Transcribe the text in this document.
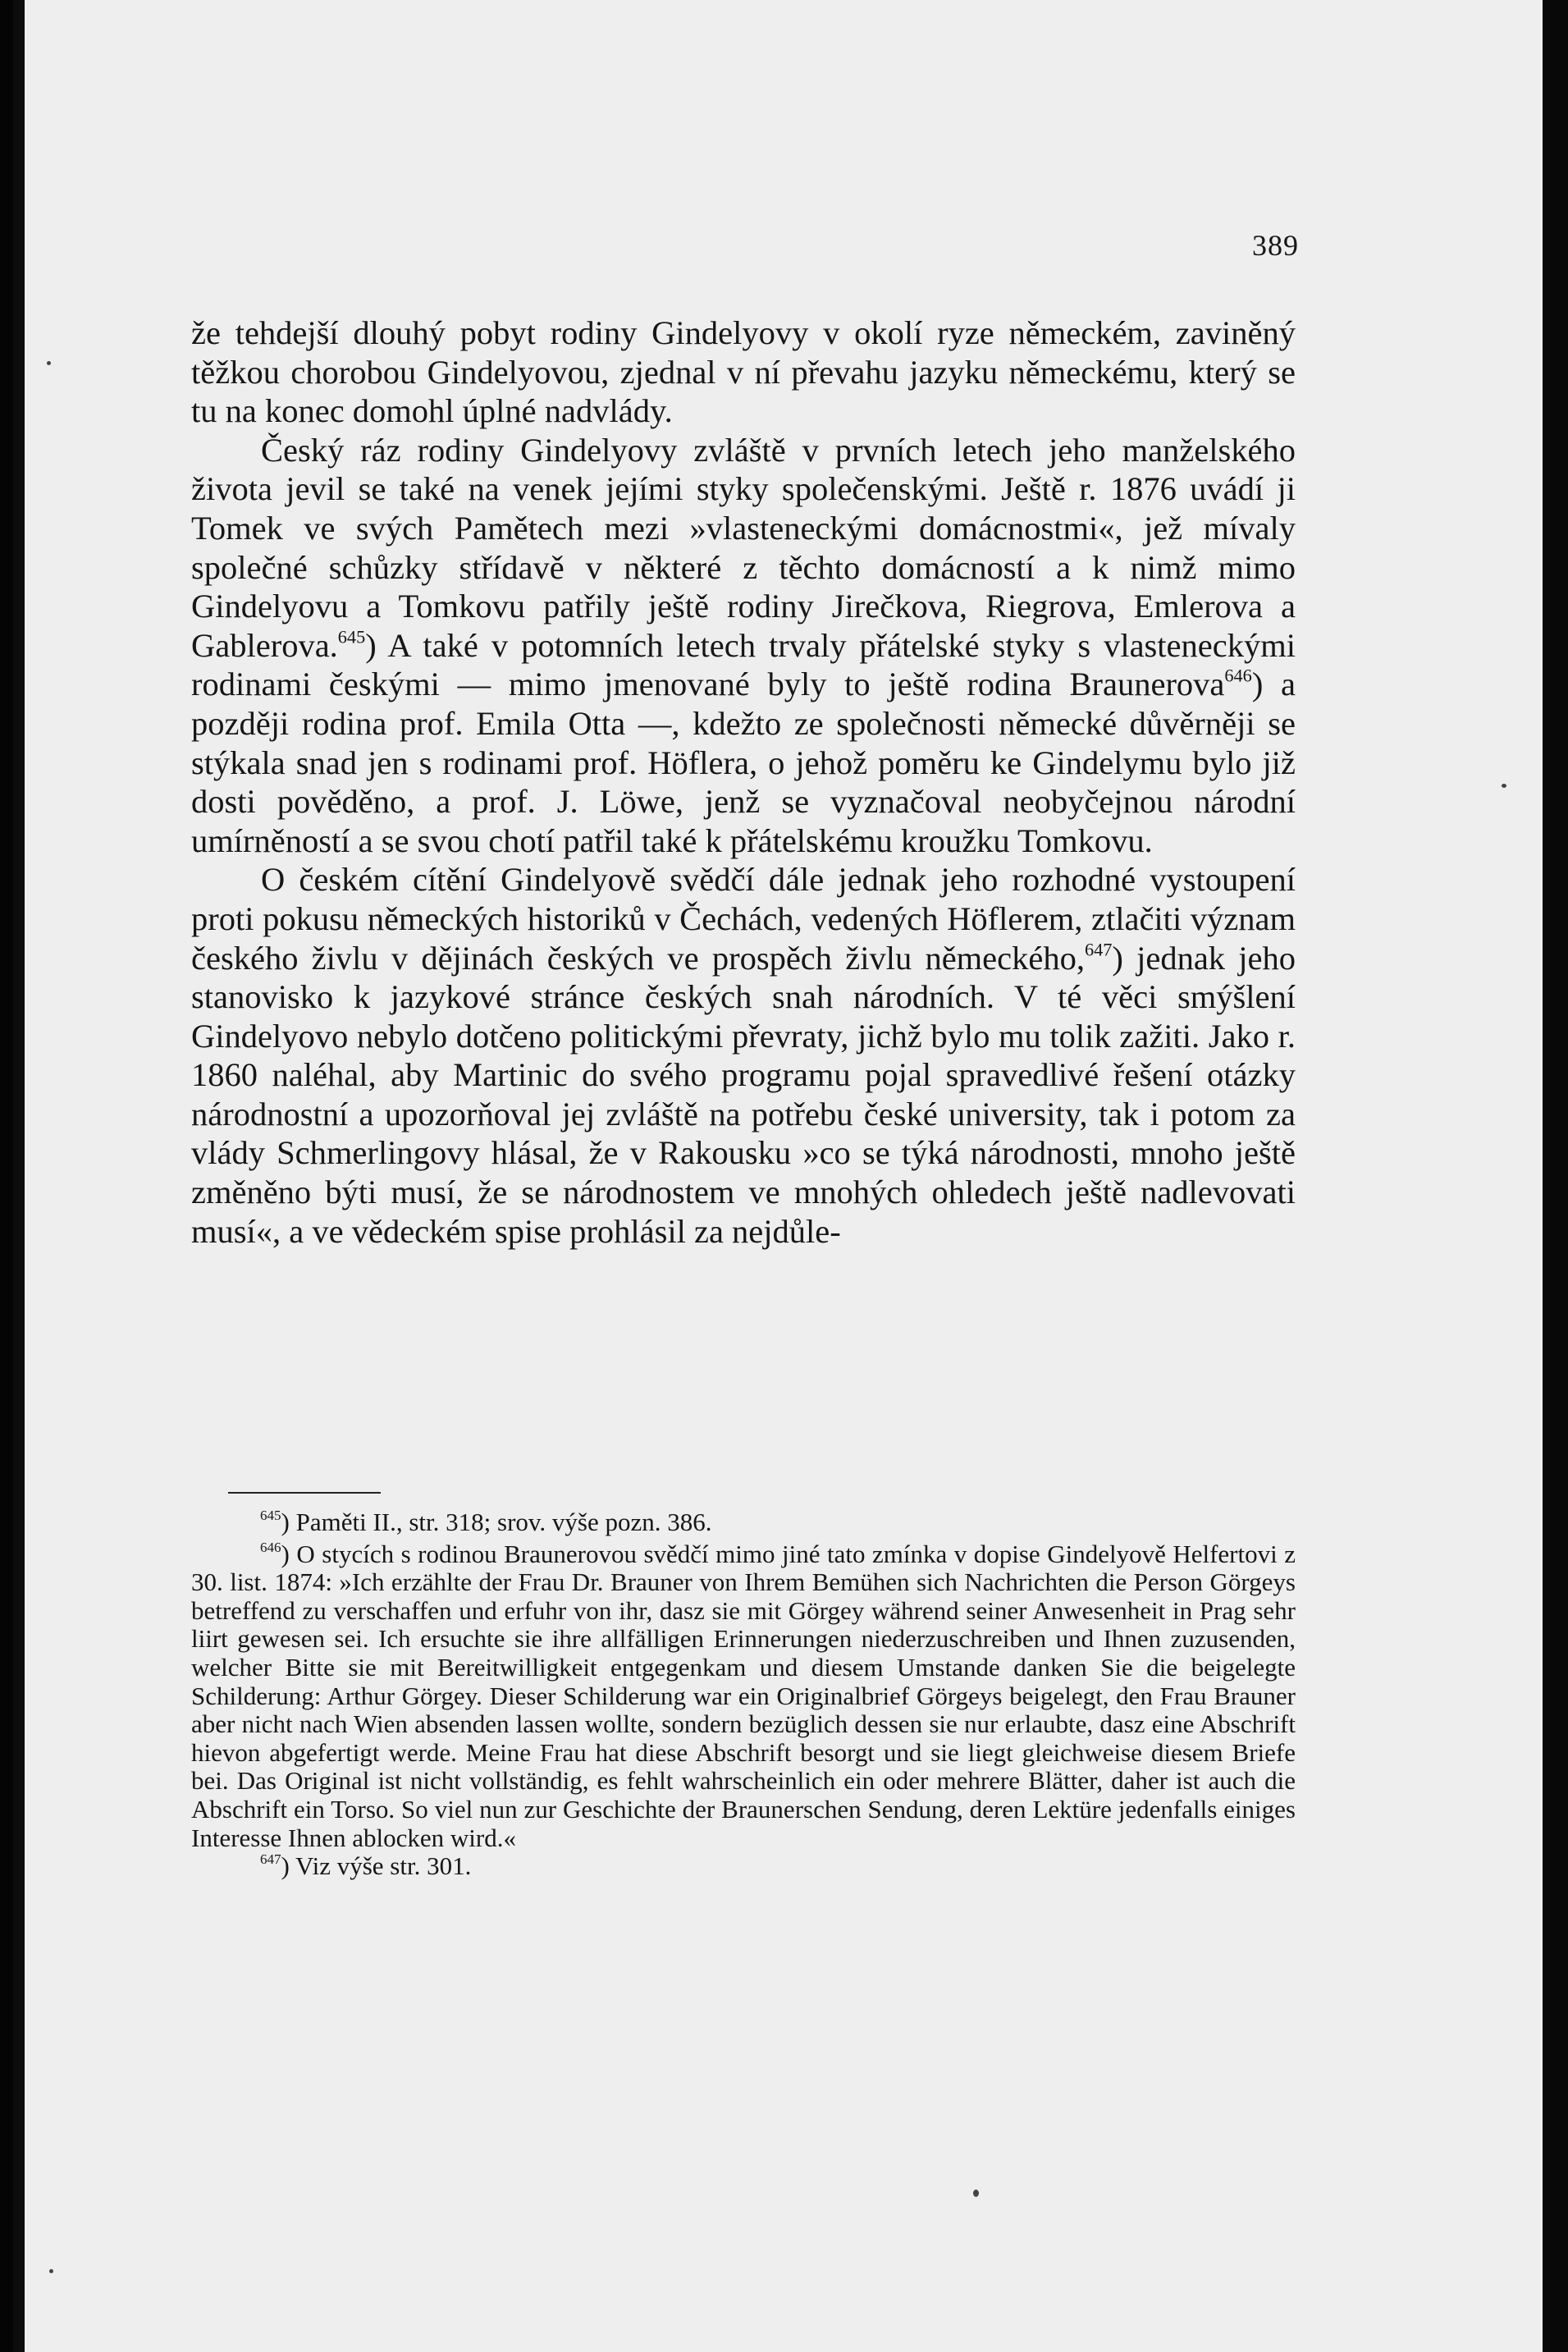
389

že tehdejší dlouhý pobyt rodiny Gindelyovy v okolí ryze německém, zaviněný těžkou chorobou Gindelyovou, zjednal v ní převahu jazyku německému, který se tu na konec domohl úplné nadvlády.

Český ráz rodiny Gindelyovy zvláště v prvních letech jeho manželského života jevil se také na venek jejími styky společenskými. Ještě r. 1876 uvádí ji Tomek ve svých Pamětech mezi »vlasteneckými domácnostmi«, jež mívaly společné schůzky střídavě v některé z těchto domácností a k nimž mimo Gindelyovu a Tomkovu patřily ještě rodiny Jirečkova, Riegrova, Emlerova a Gablerova.$^{645}$) A také v potomních letech trvaly přátelské styky s vlasteneckými rodinami českými — mimo jmenované byly to ještě rodina Braunerova$^{646}$) a později rodina prof. Emila Otta —, kdežto ze společnosti německé důvěrněji se stýkala snad jen s rodinami prof. Höflera, o jehož poměru ke Gindelymu bylo již dosti pověděno, a prof. J. Löwe, jenž se vyznačoval neobyčejnou národní umírněností a se svou chotí patřil také k přátelskému kroužku Tomkovu.

O českém cítění Gindelyově svědčí dále jednak jeho rozhodné vystoupení proti pokusu německých historiků v Čechách, vedených Höflerem, ztlačiti význam českého živlu v dějinách českých ve prospěch živlu německého,$^{647}$) jednak jeho stanovisko k jazykové stránce českých snah národních. V té věci smýšlení Gindelyovo nebylo dotčeno politickými převraty, jichž bylo mu tolik zažiti. Jako r. 1860 naléhal, aby Martinic do svého programu pojal spravedlivé řešení otázky národnostní a upozorňoval jej zvláště na potřebu české university, tak i potom za vlády Schmerlingovy hlásal, že v Rakousku »co se týká národnosti, mnoho ještě změněno býti musí, že se národnostem ve mnohých ohledech ještě nadlevovati musí«, a ve vědeckém spise prohlásil za nejdůle-

$^{645}$) Paměti II., str. 318; srov. výše pozn. 386.

$^{646}$) O stycích s rodinou Braunerovou svědčí mimo jiné tato zmínka v dopise Gindelyově Helfertovi z 30. list. 1874: »Ich erzählte der Frau Dr. Brauner von Ihrem Bemühen sich Nachrichten die Person Görgeys betreffend zu verschaffen und erfuhr von ihr, dasz sie mit Görgey während seiner Anwesenheit in Prag sehr liirt gewesen sei. Ich ersuchte sie ihre allfälligen Erinnerungen niederzuschreiben und Ihnen zuzusenden, welcher Bitte sie mit Bereitwilligkeit entgegenkam und diesem Umstande danken Sie die beigelegte Schilderung: Arthur Görgey. Dieser Schilderung war ein Originalbrief Görgeys beigelegt, den Frau Brauner aber nicht nach Wien absenden lassen wollte, sondern bezüglich dessen sie nur erlaubte, dasz eine Abschrift hievon abgefertigt werde. Meine Frau hat diese Abschrift besorgt und sie liegt gleichweise diesem Briefe bei. Das Original ist nicht vollständig, es fehlt wahrscheinlich ein oder mehrere Blätter, daher ist auch die Abschrift ein Torso. So viel nun zur Geschichte der Braunerschen Sendung, deren Lektüre jedenfalls einiges Interesse Ihnen ablocken wird.«

$^{647}$) Viz výše str. 301.
